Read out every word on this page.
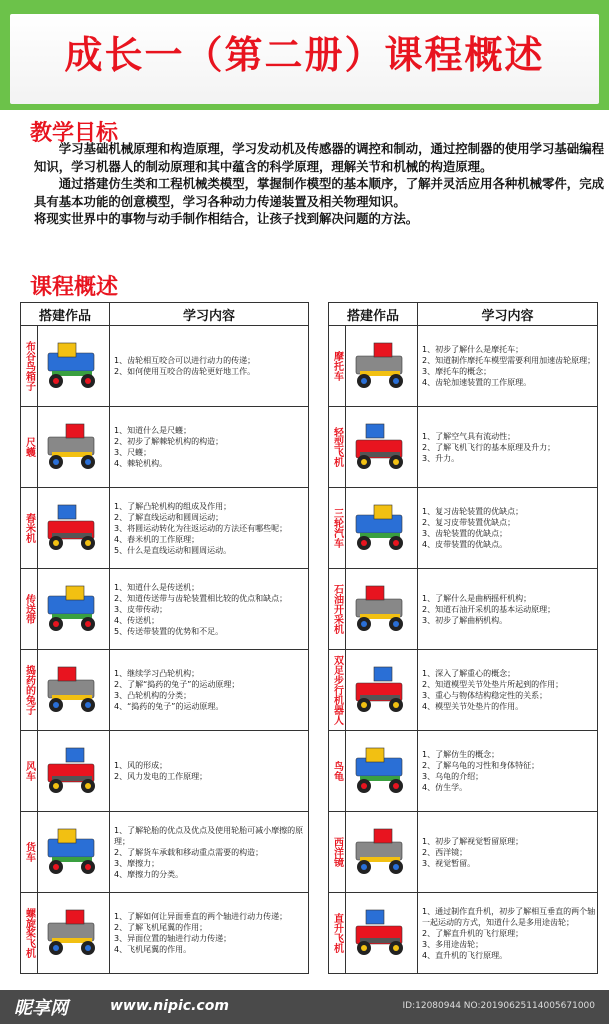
成长一（第二册）课程概述
教学目标

学习基础机械原理和构造原理，学习发动机及传感器的调控和制动，通过控制器的使用学习基础编程知识，学习机器人的制动原理和其中蕴含的科学原理，理解关节和机械的构造原理。

通过搭建仿生类和工程机械类模型，掌握制作模型的基本顺序，了解并灵活应用各种机械零件，完成具有基本功能的创意模型，学习各种动力传递装置及相关物理知识。

将现实世界中的事物与动手制作相结合，让孩子找到解决问题的方法。

课程概述
搭建作品		学习内容

布谷鸟箱子		1、齿轮相互咬合可以进行动力的传递；
2、如何使用互咬合的齿轮更好地工作。

尺蠖		1、知道什么是尺蠖；
2、初步了解棘轮机构的构造；
3、尺蠖；
4、棘轮机构。

舂米机		1、了解凸轮机构的组成及作用；
2、了解直线运动和圆周运动；
3、将圆运动转化为往返运动的方法还有哪些呢；
4、舂米机的工作原理；
5、什么是直线运动和圆周运动。

传送带		1、知道什么是传送机；
2、知道传送带与齿轮装置相比较的优点和缺点；
3、皮带传动；
4、传送机；
5、传送带装置的优势和不足。

捣药的兔子		1、继续学习凸轮机构；
2、了解“捣药的兔子”的运动原理；
3、凸轮机构的分类；
4、“捣药的兔子”的运动原理。

风车		1、风的形成；
2、风力发电的工作原理；

货车		1、了解轮胎的优点及优点及使用轮胎可减小摩擦的原理；
2、了解货车承载和移动重点需要的构造；
3、摩擦力；
4、摩擦力的分类。

螺旋桨飞机		1、了解如何让异面垂直的两个轴进行动力传递；
2、了解飞机尾翼的作用；
3、异面位置的轴进行动力传递；
4、飞机尾翼的作用。
搭建作品		学习内容

摩托车		1、初步了解什么是摩托车；
2、知道制作摩托车模型需要利用加速齿轮原理；
3、摩托车的概念；
4、齿轮加速装置的工作原理。

轻型飞机		1、了解空气具有流动性；
2、了解飞机飞行的基本原理及升力；
3、升力。

三轮汽车		1、复习齿轮装置的优缺点；
2、复习皮带装置优缺点；
3、齿轮装置的优缺点；
4、皮带装置的优缺点。

石油开采机		1、了解什么是曲柄摇杆机构；
2、知道石油开采机的基本运动原理；
3、初步了解曲柄机构。

双足步行机器人		1、深入了解重心的概念；
2、知道模型关节处垫片所起到的作用；
3、重心与物体结构稳定性的关系；
4、模型关节处垫片的作用。

鸟龟		1、了解仿生的概念；
2、了解乌龟的习性和身体特征；
3、乌龟的介绍；
4、仿生学。

西洋镜		1、初步了解视觉暂留原理；
2、西洋镜；
3、视觉暂留。

直升飞机		1、通过制作直升机，初步了解相互垂直的两个轴一起运动的方式，知道什么是多用途齿轮；
2、了解直升机的飞行原理；
3、多用途齿轮；
4、直升机的飞行原理。
昵享网	www.nipic.com	ID:12080944 NO:20190625114005671000
